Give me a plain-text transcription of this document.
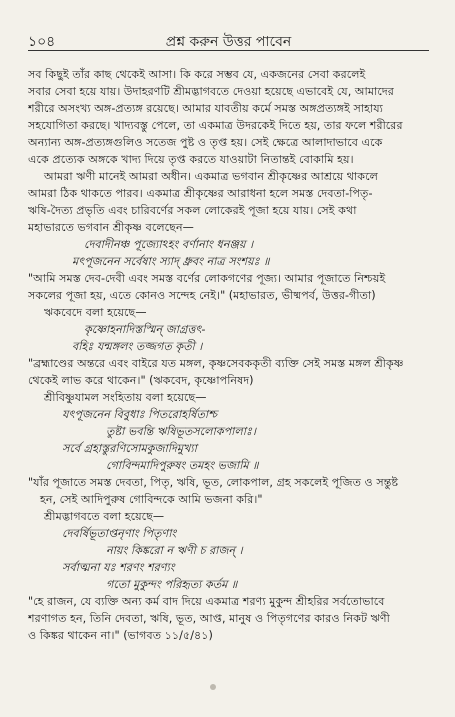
১০৪	প্রশ্ন করুন উত্তর পাবেন
সব কিছুই তাঁর কাছ থেকেই আসা। কি করে সম্ভব যে, একজনের সেবা করলেই
সবার সেবা হয়ে যায়। উদাহরণটি শ্রীমদ্ভাগবতে দেওয়া হয়েছে এভাবেই যে, আমাদের
শরীরে অসংখ্য অঙ্গ-প্রত্যঙ্গ রয়েছে। আমার যাবতীয় কর্মে সমস্ত অঙ্গপ্রত্যঙ্গই সাহায্য
সহযোগিতা করছে। খাদ্যবস্তু পেলে, তা একমাত্র উদরকেই দিতে হয়, তার ফলে শরীরের
অন্যান্য অঙ্গ-প্রত্যঙ্গগুলিও সতেজ পুষ্ট ও তৃপ্ত হয়। সেই ক্ষেত্রে আলাদাভাবে একে
একে প্রত্যেক অঙ্গকে খাদ্য দিয়ে তৃপ্ত করতে যাওয়াটা নিতান্তই বোকামি হয়।
আমরা ঋণী মানেই আমরা অধীন। একমাত্র ভগবান শ্রীকৃষ্ণের আশ্রয়ে থাকলে
আমরা ঠিক থাকতে পারব। একমাত্র শ্রীকৃষ্ণের আরাধনা হলে সমস্ত দেবতা-পিতৃ-
ঋষি-দৈত্য প্রভৃতি এবং চারিবর্ণের সকল লোকেরই পূজা হয়ে যায়। সেই কথা
মহাভারতে ভগবান শ্রীকৃষ্ণ বলেছেন—
দেবাদীনঞ্চ পূজ্যোঽহং বর্ণানাং ধনঞ্জয় ।
মৎপূজনেন সর্বেষাং স্যাদ্ ধ্রুবং নাত্র সংশয়ঃ ॥
"আমি সমস্ত দেব-দেবী এবং সমস্ত বর্ণের লোকগণের পূজ্য। আমার পূজাতে নিশ্চয়ই
সকলের পূজা হয়, এতে কোনও সন্দেহ নেই।" (মহাভারত, ভীষ্মপর্ব, উত্তর-গীতা)
ঋকবেদে বলা হয়েছে—
কৃষ্ণোহনাদিস্তস্মিন্ জাগ্রত্তৎ-
বহিঃ যন্মঙ্গলং তজ্জগত কৃতী ।
"ব্রহ্মাণ্ডের অন্তরে এবং বাইরে যত মঙ্গল, কৃষ্ণসেবককৃতী ব্যক্তি সেই সমস্ত মঙ্গল শ্রীকৃষ্ণ
থেকেই লাভ করে থাকেন।" (ঋকবেদ, কৃষ্ণোপনিষদ)
শ্রীবিষ্ণুযামল সংহিতায় বলা হয়েছে—
যৎপূজনেন বিবুধাঃ পিতরোহর্ষিতাশ্চ
তুষ্টা ভবন্তি ঋষিভূতসলোকপালাঃ।
সর্বে গ্রহাস্তুরণিসোমকুজাদিমুখ্যা
গোবিন্দমাদিপুরুষং তমহং ভজামি ॥
"যাঁর পূজাতে সমস্ত দেবতা, পিতৃ, ঋষি, ভূত, লোকপাল, গ্রহ সকলেই পূজিত ও সন্তুষ্ট
হন, সেই আদিপুরুষ গোবিন্দকে আমি ভজনা করি।"
শ্রীমদ্ভাগবতে বলা হয়েছে—
দেবর্ষিভূতাপ্তনৃণাং পিতৃণাং
নায়ং কিঙ্করো ন ঋণী চ রাজন্ ।
সর্বাত্মনা যঃ শরণং শরণ্যং
গতো মুকুন্দং পরিহৃত্য কর্তম ॥
"হে রাজন, যে ব্যক্তি অন্য কর্ম বাদ দিয়ে একমাত্র শরণ্য মুকুন্দ শ্রীহরির সর্বতোভাবে
শরণাগত হন, তিনি দেবতা, ঋষি, ভূত, আপ্ত, মানুষ ও পিতৃগণের কারও নিকট ঋণী
ও কিঙ্কর থাকেন না।" (ভাগবত ১১/৫/৪১)
